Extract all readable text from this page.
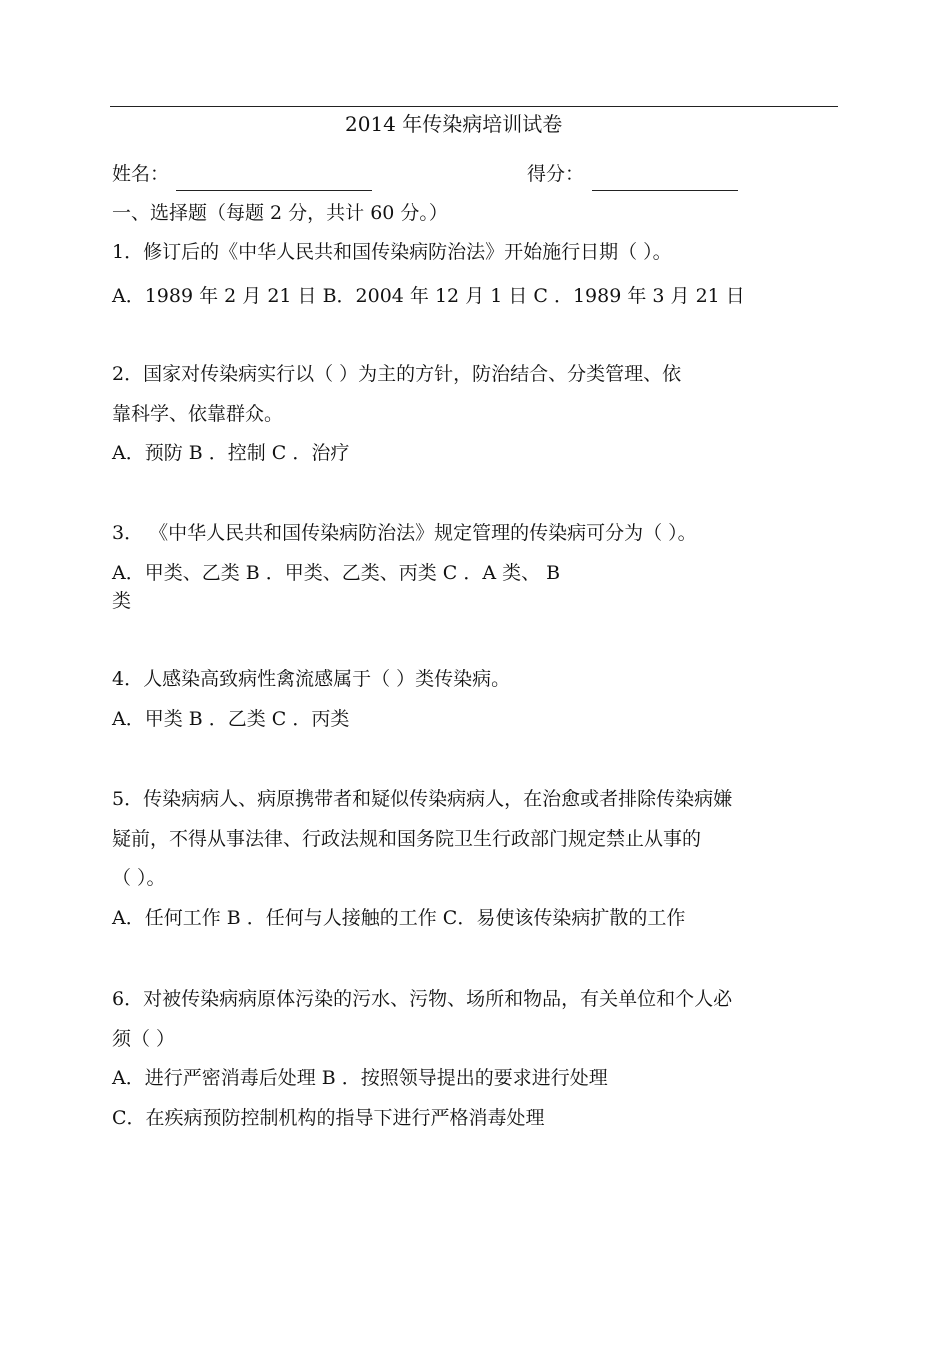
2014 年传染病培训试卷
姓名：	得分：
一、选择题（每题 2 分，共计 60 分。）
1．修订后的《中华人民共和国传染病防治法》开始施行日期（ ）。
A．1989 年 2 月 21 日 B．2004 年 12 月 1 日 C ．1989 年 3 月 21 日
2．国家对传染病实行以（ ）为主的方针，防治结合、分类管理、依
靠科学、依靠群众。
A．预防 B ．控制 C ．治疗
3． 《中华人民共和国传染病防治法》规定管理的传染病可分为（ ）。
A．甲类、乙类 B ．甲类、乙类、丙类 C ．A 类、 B
类
4．人感染高致病性禽流感属于（ ）类传染病。
A．甲类 B ．乙类 C ．丙类
5．传染病病人、病原携带者和疑似传染病病人，在治愈或者排除传染病嫌
疑前，不得从事法律、行政法规和国务院卫生行政部门规定禁止从事的
（ ）。
A．任何工作 B ．任何与人接触的工作 C．易使该传染病扩散的工作
6．对被传染病病原体污染的污水、污物、场所和物品，有关单位和个人必
须（ ）
A．进行严密消毒后处理 B ．按照领导提出的要求进行处理
C．在疾病预防控制机构的指导下进行严格消毒处理
